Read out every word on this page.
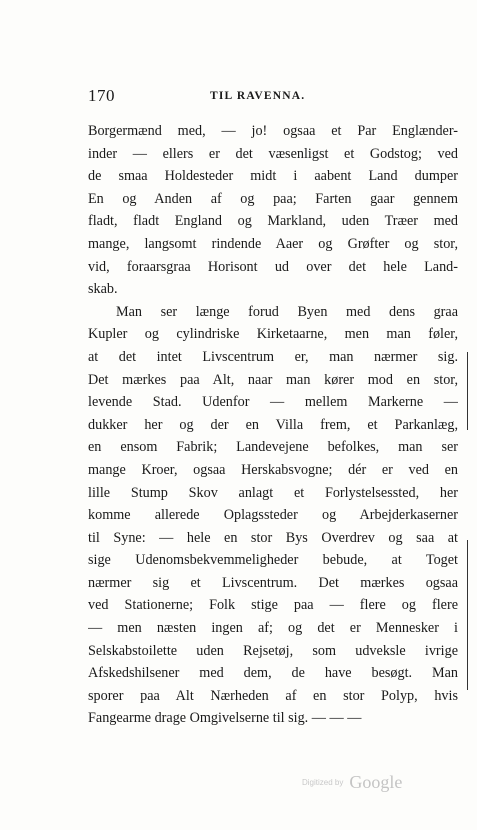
170	TIL RAVENNA.
Borgermænd med, — jo! ogsaa et Par Englænder-
inder — ellers er det væsenligst et Godstog; ved
de smaa Holdesteder midt i aabent Land dumper
En og Anden af og paa; Farten gaar gennem
fladt, fladt England og Markland, uden Træer med
mange, langsomt rindende Aaer og Grøfter og stor,
vid, foraarsgraa Horisont ud over det hele Land-
skab.
Man ser længe forud Byen med dens graa
Kupler og cylindriske Kirketaarne, men man føler,
at det intet Livscentrum er, man nærmer sig.
Det mærkes paa Alt, naar man kører mod en stor,
levende Stad. Udenfor — mellem Markerne —
dukker her og der en Villa frem, et Parkanlæg,
en ensom Fabrik; Landevejene befolkes, man ser
mange Kroer, ogsaa Herskabsvogne; dér er ved en
lille Stump Skov anlagt et Forlystelsessted, her
komme allerede Oplagssteder og Arbejderkaserner
til Syne: — hele en stor Bys Overdrev og saa at
sige Udenomsbekvemmeligheder bebude, at Toget
nærmer sig et Livscentrum. Det mærkes ogsaa
ved Stationerne; Folk stige paa — flere og flere
— men næsten ingen af; og det er Mennesker i
Selskabstoilette uden Rejsetøj, som udveksle ivrige
Afskedshilsener med dem, de have besøgt. Man
sporer paa Alt Nærheden af en stor Polyp, hvis
Fangearme drage Omgivelserne til sig. — — —
Digitized by Google
